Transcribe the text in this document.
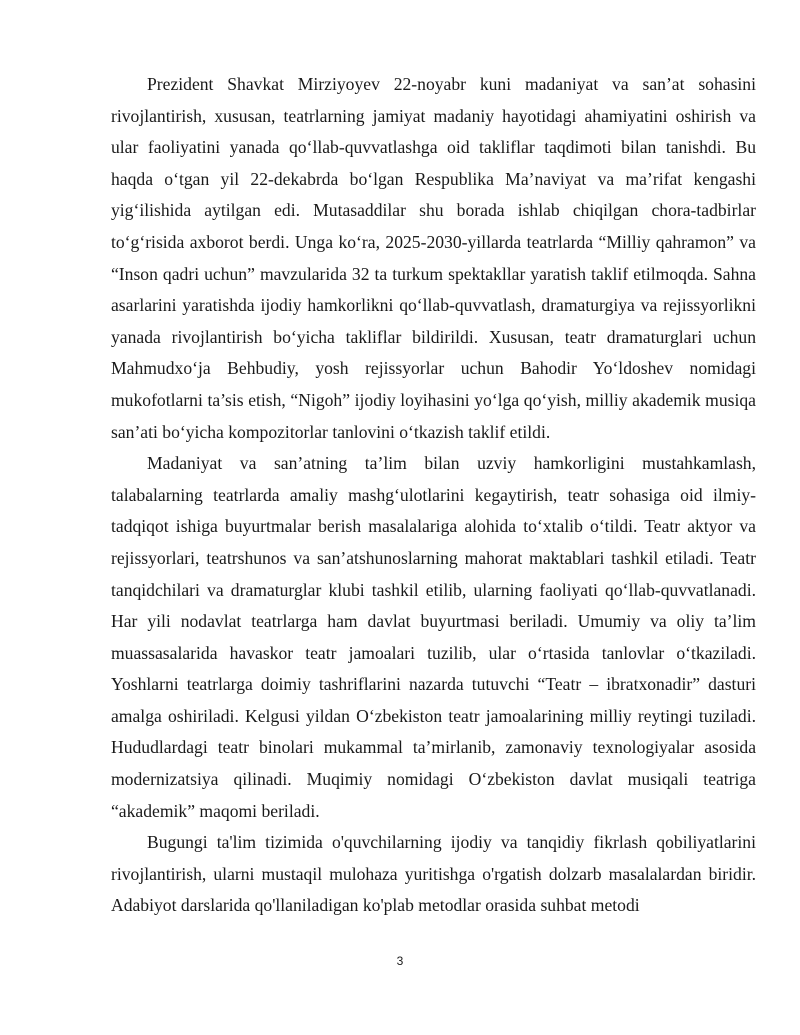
Prezident Shavkat Mirziyoyev 22-noyabr kuni madaniyat va san’at sohasini rivojlantirish, xususan, teatrlarning jamiyat madaniy hayotidagi ahamiyatini oshirish va ular faoliyatini yanada qo‘llab-quvvatlashga oid takliflar taqdimoti bilan tanishdi. Bu haqda o‘tgan yil 22-dekabrda bo‘lgan Respublika Ma’naviyat va ma’rifat kengashi yig‘ilishida aytilgan edi. Mutasaddilar shu borada ishlab chiqilgan chora-tadbirlar to‘g‘risida axborot berdi. Unga ko‘ra, 2025-2030-yillarda teatrlarda “Milliy qahramon” va “Inson qadri uchun” mavzularida 32 ta turkum spektakllar yaratish taklif etilmoqda. Sahna asarlarini yaratishda ijodiy hamkorlikni qo‘llab-quvvatlash, dramaturgiya va rejissyorlikni yanada rivojlantirish bo‘yicha takliflar bildirildi. Xususan, teatr dramaturglari uchun Mahmudxo‘ja Behbudiy, yosh rejissyorlar uchun Bahodir Yo‘ldoshev nomidagi mukofotlarni ta’sis etish, “Nigoh” ijodiy loyihasini yo‘lga qo‘yish, milliy akademik musiqa san’ati bo‘yicha kompozitorlar tanlovini o‘tkazish taklif etildi.

Madaniyat va san’atning ta’lim bilan uzviy hamkorligini mustahkamlash, talabalarning teatrlarda amaliy mashg‘ulotlarini kegaytirish, teatr sohasiga oid ilmiy-tadqiqot ishiga buyurtmalar berish masalalariga alohida to‘xtalib o‘tildi. Teatr aktyor va rejissyorlari, teatrshunos va san’atshunoslarning mahorat maktablari tashkil etiladi. Teatr tanqidchilari va dramaturglar klubi tashkil etilib, ularning faoliyati qo‘llab-quvvatlanadi. Har yili nodavlat teatrlarga ham davlat buyurtmasi beriladi. Umumiy va oliy ta’lim muassasalarida havaskor teatr jamoalari tuzilib, ular o‘rtasida tanlovlar o‘tkaziladi. Yoshlarni teatrlarga doimiy tashriflarini nazarda tutuvchi “Teatr – ibratxonadir” dasturi amalga oshiriladi. Kelgusi yildan O‘zbekiston teatr jamoalarining milliy reytingi tuziladi. Hududlardagi teatr binolari mukammal ta’mirlanib, zamonaviy texnologiyalar asosida modernizatsiya qilinadi. Muqimiy nomidagi O‘zbekiston davlat musiqali teatriga “akademik” maqomi beriladi.

Bugungi ta'lim tizimida o'quvchilarning ijodiy va tanqidiy fikrlash qobiliyatlarini rivojlantirish, ularni mustaqil mulohaza yuritishga o'rgatish dolzarb masalalardan biridir. Adabiyot darslarida qo'llaniladigan ko'plab metodlar orasida suhbat metodi

3
